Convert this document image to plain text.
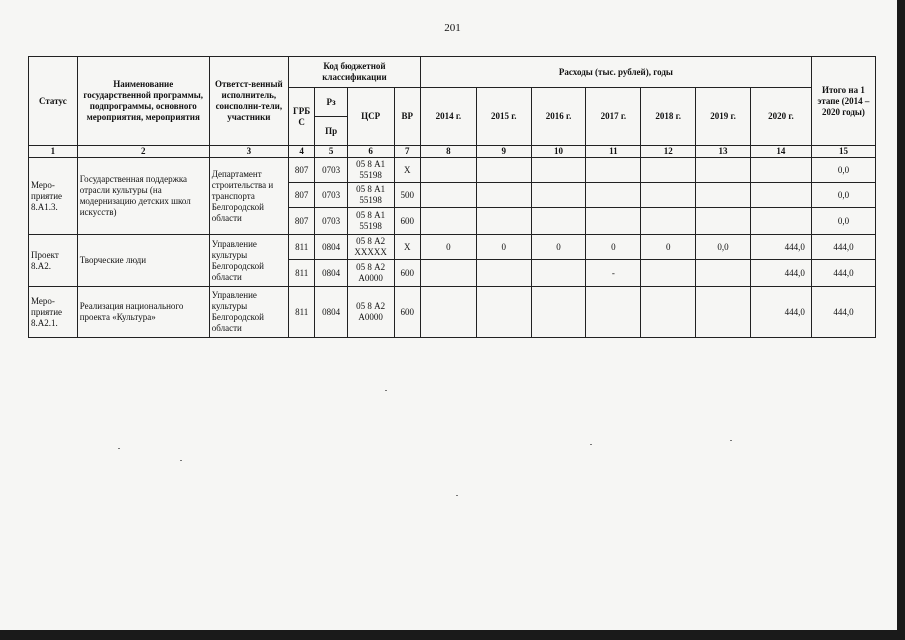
201
Статус	Наименование государственной программы, подпрограммы, основного мероприятия, мероприятия	Ответст-венный исполнитель, соисполни-тели, участники	Код бюджетной классификации				Расходы (тыс. рублей), годы							Итого на 1 этапе (2014 – 2020 годы)
			ГРБ С	Рз	ЦСР	ВР	2014 г.	2015 г.	2016 г.	2017 г.	2018 г.	2019 г.	2020 г.	
				Пр										
1	2	3	4	5	6	7	8	9	10	11	12	13	14	15
Меро-приятие 8.А1.3.	Государственная поддержка отрасли культуры (на модернизацию детских школ искусств)	Департамент строительства и транспорта Белгородской области	807	0703	05 8 А1 55198	Х								0,0
			807	0703	05 8 А1 55198	500								0,0
			807	0703	05 8 А1 55198	600								0,0
Проект 8.А2.	Творческие люди	Управление культуры Белгородской области	811	0804	05 8 А2 ХХХХХ	Х	0	0	0	0	0	0,0	444,0	444,0
			811	0804	05 8 А2 А0000	600				-			444,0	444,0
Меро-приятие 8.А2.1.	Реализация национального проекта «Культура»	Управление культуры Белгородской области	811	0804	05 8 А2 А0000	600							444,0	444,0
